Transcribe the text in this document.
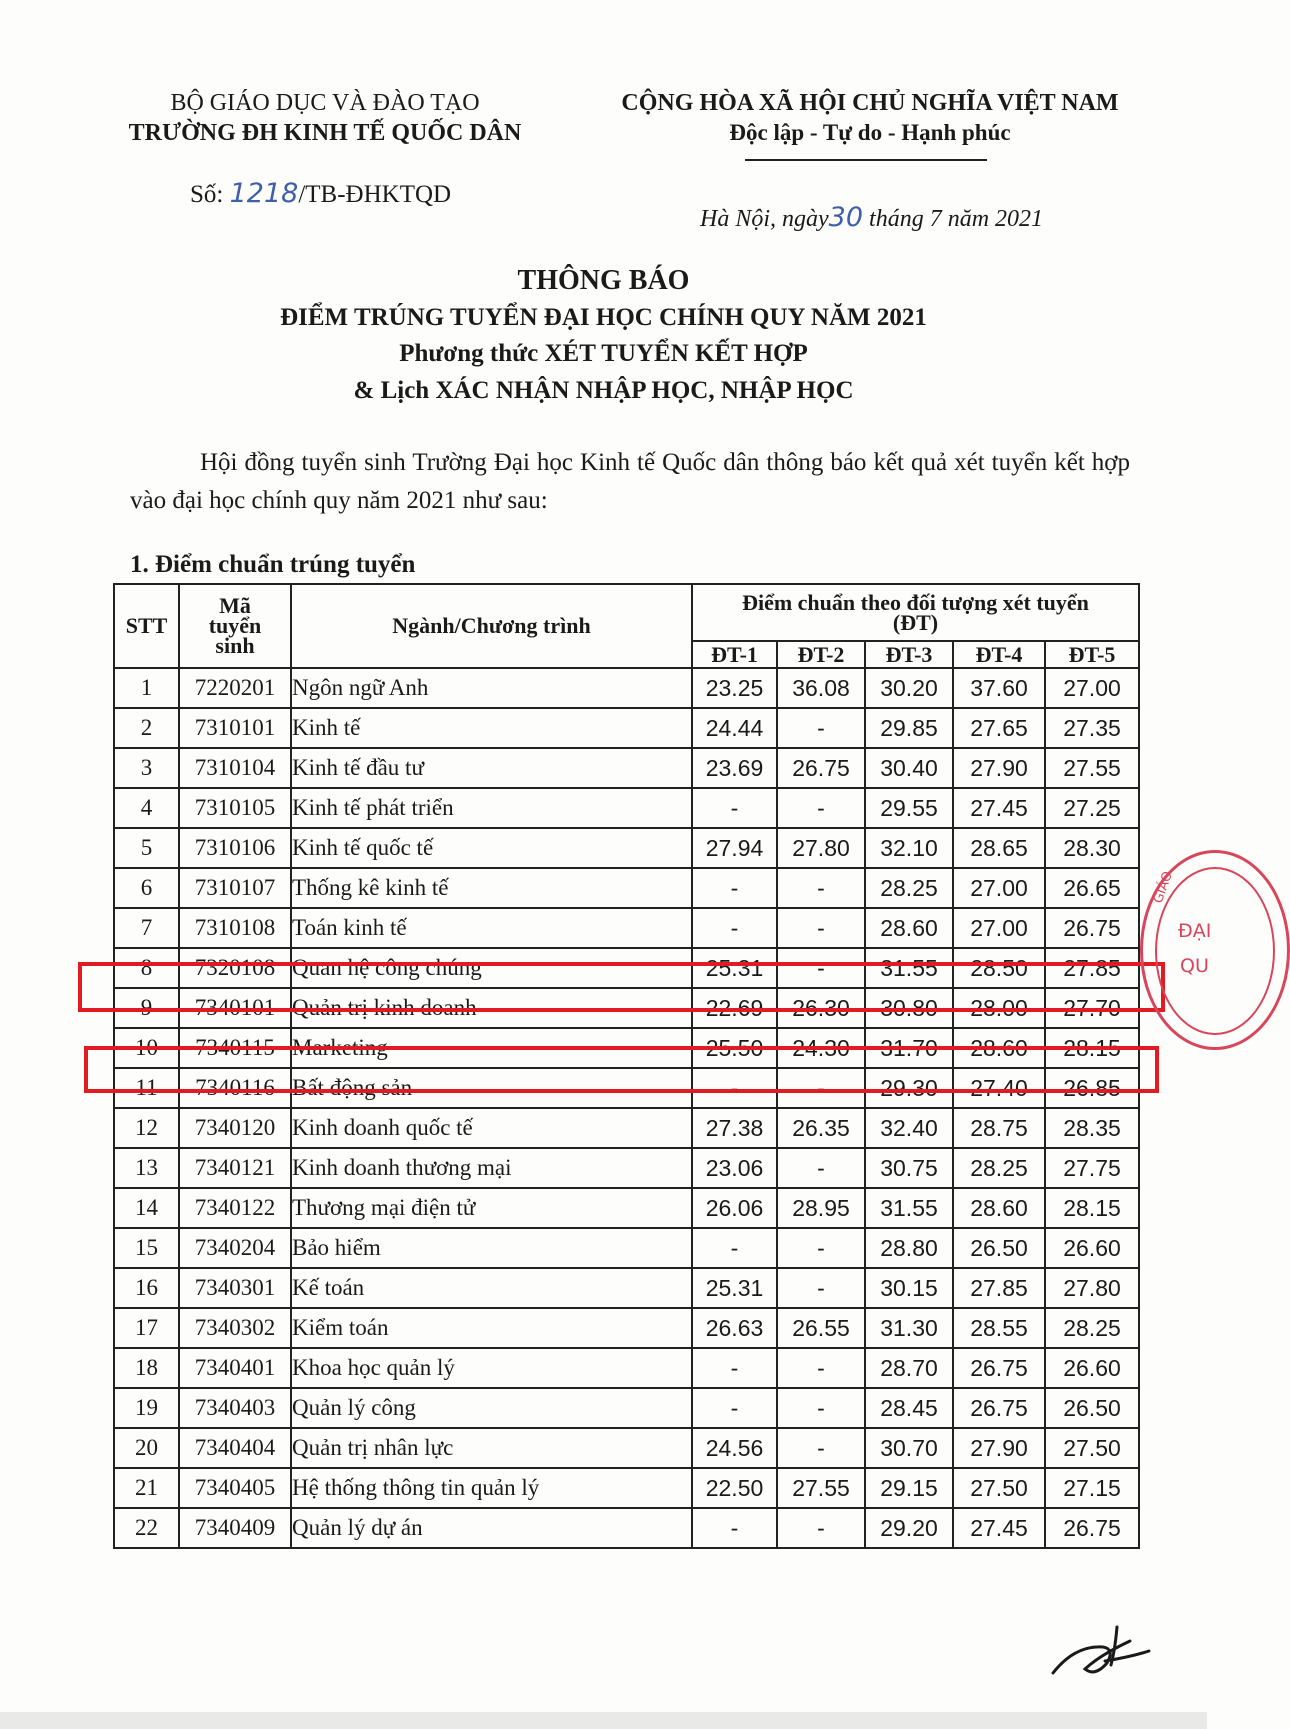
BỘ GIÁO DỤC VÀ ĐÀO TẠO
TRƯỜNG ĐH KINH TẾ QUỐC DÂN
CỘNG HÒA XÃ HỘI CHỦ NGHĨA VIỆT NAM
Độc lập - Tự do - Hạnh phúc
Số: 1218/TB-ĐHKTQD
Hà Nội, ngày30 tháng 7 năm 2021
THÔNG BÁO
ĐIỂM TRÚNG TUYỂN ĐẠI HỌC CHÍNH QUY NĂM 2021
Phương thức XÉT TUYỂN KẾT HỢP
& Lịch XÁC NHẬN NHẬP HỌC, NHẬP HỌC
Hội đồng tuyển sinh Trường Đại học Kinh tế Quốc dân thông báo kết quả xét tuyển kết hợp vào đại học chính quy năm 2021 như sau:
1. Điểm chuẩn trúng tuyển
STT	Mã
tuyển
sinh	Ngành/Chương trình	Điểm chuẩn theo đối tượng xét tuyển
(ĐT)				
			ĐT-1	ĐT-2	ĐT-3	ĐT-4	ĐT-5
1	7220201	Ngôn ngữ Anh	23.25	36.08	30.20	37.60	27.00
2	7310101	Kinh tế	24.44	-	29.85	27.65	27.35
3	7310104	Kinh tế đầu tư	23.69	26.75	30.40	27.90	27.55
4	7310105	Kinh tế phát triển	-	-	29.55	27.45	27.25
5	7310106	Kinh tế quốc tế	27.94	27.80	32.10	28.65	28.30
6	7310107	Thống kê kinh tế	-	-	28.25	27.00	26.65
7	7310108	Toán kinh tế	-	-	28.60	27.00	26.75
8	7320108	Quan hệ công chúng	25.31	-	31.55	28.50	27.85
9	7340101	Quản trị kinh doanh	22.69	26.30	30.80	28.00	27.70
10	7340115	Marketing	25.50	24.30	31.70	28.60	28.15
11	7340116	Bất động sản	-	-	29.30	27.40	26.85
12	7340120	Kinh doanh quốc tế	27.38	26.35	32.40	28.75	28.35
13	7340121	Kinh doanh thương mại	23.06	-	30.75	28.25	27.75
14	7340122	Thương mại điện tử	26.06	28.95	31.55	28.60	28.15
15	7340204	Bảo hiểm	-	-	28.80	26.50	26.60
16	7340301	Kế toán	25.31	-	30.15	27.85	27.80
17	7340302	Kiểm toán	26.63	26.55	31.30	28.55	28.25
18	7340401	Khoa học quản lý	-	-	28.70	26.75	26.60
19	7340403	Quản lý công	-	-	28.45	26.75	26.50
20	7340404	Quản trị nhân lực	24.56	-	30.70	27.90	27.50
21	7340405	Hệ thống thông tin quản lý	22.50	27.55	29.15	27.50	27.15
22	7340409	Quản lý dự án	-	-	29.20	27.45	26.75
GIÁO
ĐẠI
QU
